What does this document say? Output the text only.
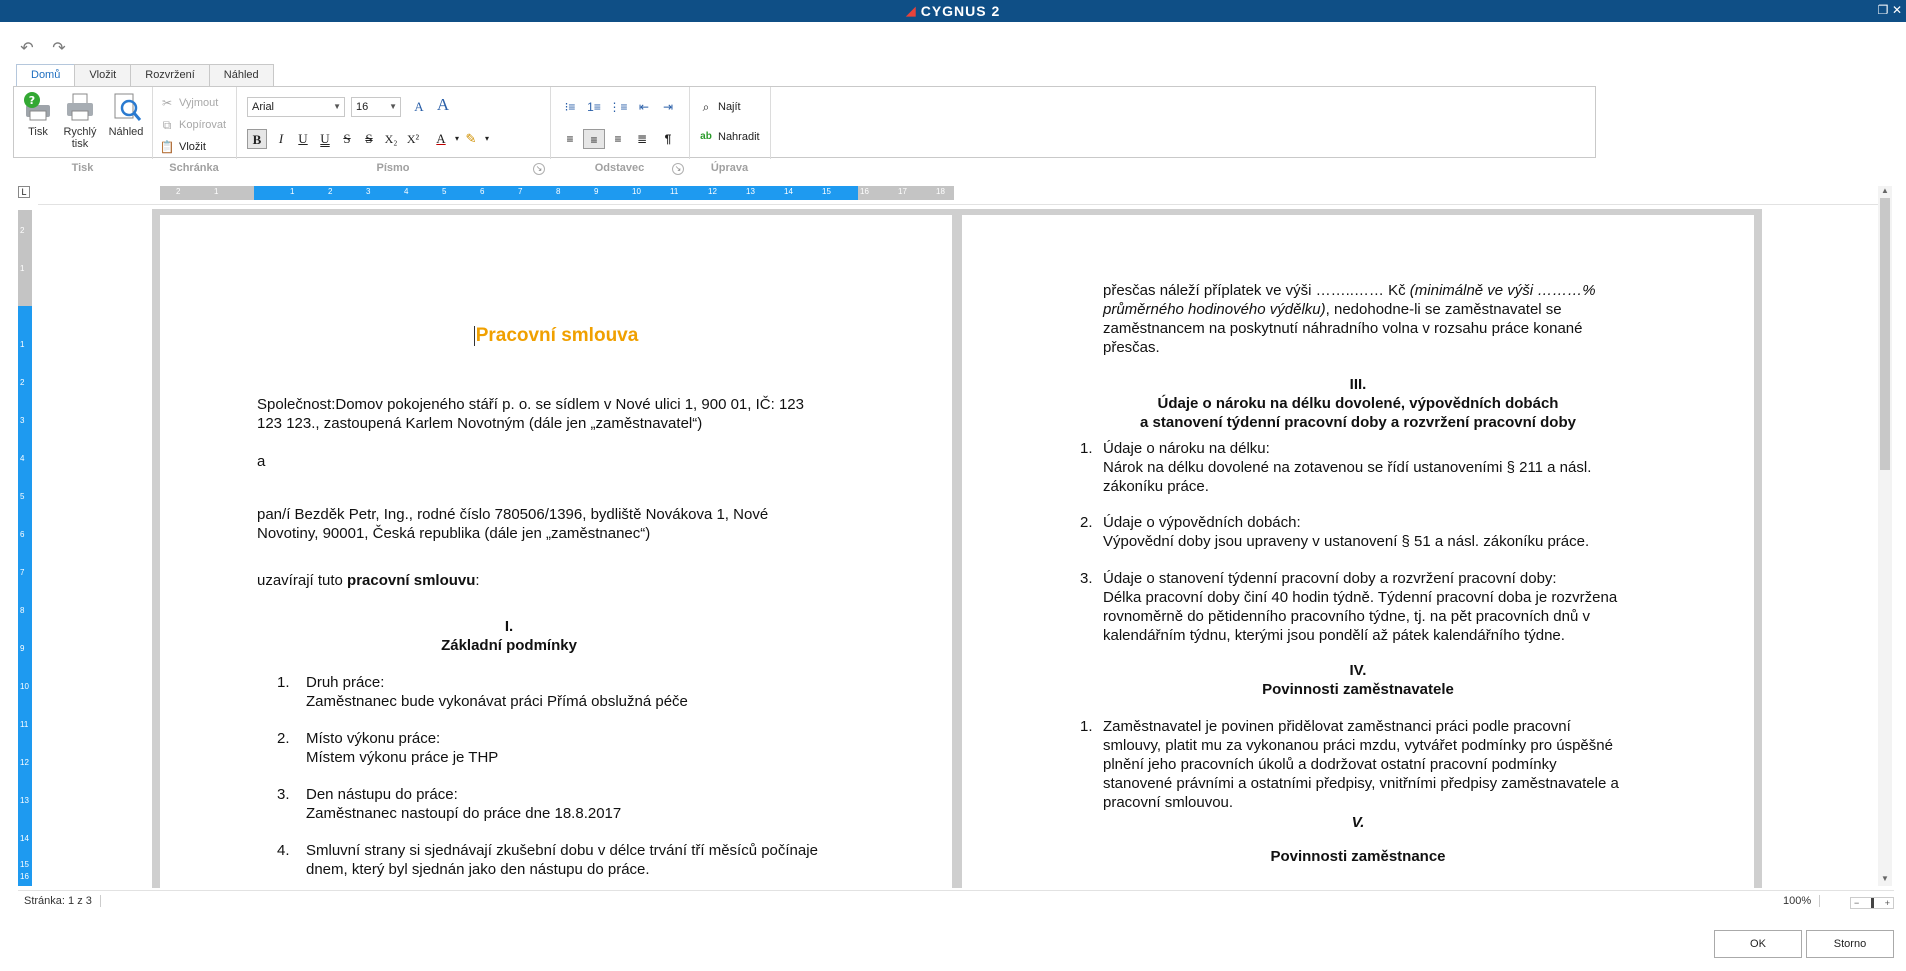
◢ CYGNUS 2	❐ ✕
↶ ↷
Domů	Vložit	Rozvržení	Náhled
?
Tisk	Rychlý
tisk
Náhled
✂ Vyjmout
⧉ Kopírovat
📋 Vložit
Arial	▼	16	▼	A A
B	I	U U	S	S X₂ X²	A	▾ ✎	▾
⁝≡ 1≡ ⋮≡ ⇤	⇥
≡	≡	≡	≣	¶
⌕ Najít
ab Nahradit
Tisk	Schránka	Písmo	↘	Odstavec	↘	Úprava
L	2	1	1	2	3	4	5	6	7	8	9	10	11	12	13	14	15	16	17	18
2
1
1
2
3
4
5
6
7
8
9
10
11
12
13
14
15
16
Pracovní smlouva
Společnost:Domov pokojeného stáří p. o. se sídlem v Nové ulici 1, 900 01, IČ: 123
123 123., zastoupená Karlem Novotným (dále jen „zaměstnavatel“)
a
pan/í Bezděk Petr, Ing., rodné číslo 780506/1396, bydliště Novákova 1, Nové
Novotiny, 90001, Česká republika (dále jen „zaměstnanec“)
uzavírají tuto pracovní smlouvu:
I.
Základní podmínky
1. Druh práce:
Zaměstnanec bude vykonávat práci Přímá obslužná péče
2. Místo výkonu práce:
Místem výkonu práce je THP
3. Den nástupu do práce:
Zaměstnanec nastoupí do práce dne 18.8.2017
4. Smluvní strany si sjednávají zkušební dobu v délce trvání tří měsíců počínaje
dnem, který byl sjednán jako den nástupu do práce.
přesčas náleží příplatek ve výši ……..…… Kč (minimálně ve výši ………%
průměrného hodinového výdělku), nedohodne-li se zaměstnavatel se
zaměstnancem na poskytnutí náhradního volna v rozsahu práce konané
přesčas.
III.
Údaje o nároku na délku dovolené, výpovědních dobách
a stanovení týdenní pracovní doby a rozvržení pracovní doby
1. Údaje o nároku na délku:
Nárok na délku dovolené na zotavenou se řídí ustanoveními § 211 a násl.
zákoníku práce.
2. Údaje o výpovědních dobách:
Výpovědní doby jsou upraveny v ustanovení § 51 a násl. zákoníku práce.
3. Údaje o stanovení týdenní pracovní doby a rozvržení pracovní doby:
Délka pracovní doby činí 40 hodin týdně. Týdenní pracovní doba je rozvržena
rovnoměrně do pětidenního pracovního týdne, tj. na pět pracovních dnů v
kalendářním týdnu, kterými jsou pondělí až pátek kalendářního týdne.
IV.
Povinnosti zaměstnavatele
1. Zaměstnavatel je povinen přidělovat zaměstnanci práci podle pracovní
smlouvy, platit mu za vykonanou práci mzdu, vytvářet podmínky pro úspěšné
plnění jeho pracovních úkolů a dodržovat ostatní pracovní podmínky
stanovené právními a ostatními předpisy, vnitřními předpisy zaměstnavatele a
pracovní smlouvou.
V.
Povinnosti zaměstnance
▲
▼
Stránka: 1 z 3	100%	−	+
OK	Storno
